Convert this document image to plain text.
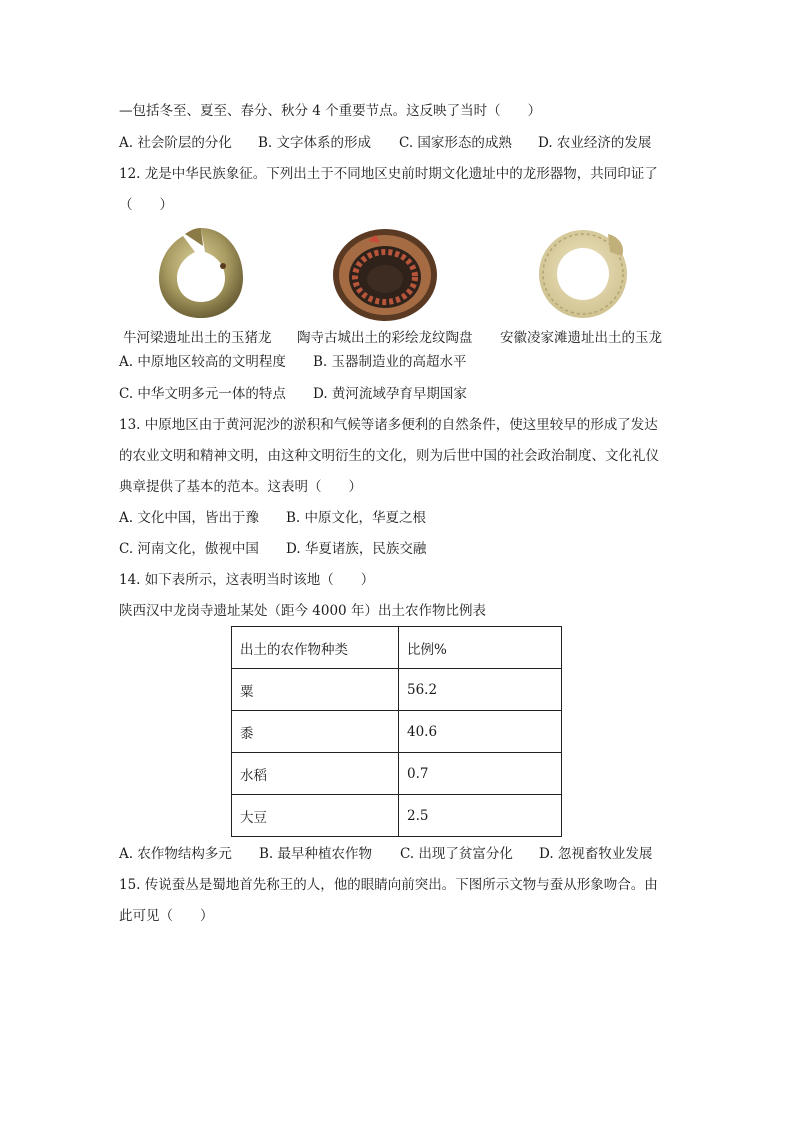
—包括冬至、夏至、春分、秋分 4 个重要节点。这反映了当时（　　）
A. 社会阶层的分化 B. 文字体系的形成 C. 国家形态的成熟 D. 农业经济的发展
12. 龙是中华民族象征。下列出土于不同地区史前时期文化遗址中的龙形器物，共同印证了
（　　）
牛河梁遗址出土的玉猪龙 陶寺古城出土的彩绘龙纹陶盘 安徽凌家滩遗址出土的玉龙
A. 中原地区较高的文明程度 B. 玉器制造业的高超水平
C. 中华文明多元一体的特点 D. 黄河流域孕育早期国家
13. 中原地区由于黄河泥沙的淤积和气候等诸多便利的自然条件，使这里较早的形成了发达
的农业文明和精神文明，由这种文明衍生的文化，则为后世中国的社会政治制度、文化礼仪
典章提供了基本的范本。这表明（　　）
A. 文化中国，皆出于豫 B. 中原文化，华夏之根
C. 河南文化，傲视中国 D. 华夏诸族，民族交融
14. 如下表所示，这表明当时该地（　　）
陕西汉中龙岗寺遗址某处（距今 4000 年）出土农作物比例表
出土的农作物种类	比例%
粟	56.2
黍	40.6
水稻	0.7
大豆	2.5
A. 农作物结构多元 B. 最早种植农作物 C. 出现了贫富分化 D. 忽视畜牧业发展
15. 传说蚕丛是蜀地首先称王的人，他的眼睛向前突出。下图所示文物与蚕从形象吻合。由
此可见（　　）
